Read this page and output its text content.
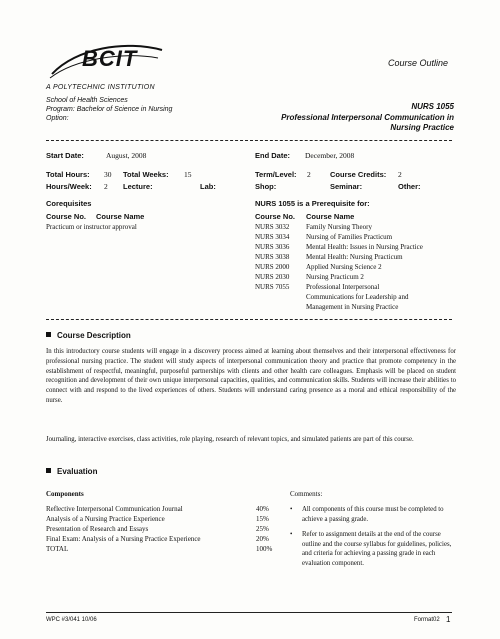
BCIT
A POLYTECHNIC INSTITUTION
Course Outline
School of Health Sciences
Program: Bachelor of Science in Nursing
Option:
NURS 1055
Professional Interpersonal Communication in
Nursing Practice
Start Date:	August, 2008	End Date: December, 2008
Total Hours: 30 Total Weeks: 15	Term/Level: 2	Course Credits: 2
Hours/Week: 2 Lecture:	Lab:	Shop:	Seminar:	Other:
Corequisites
Course No. Course Name
Practicum or instructor approval
NURS 1055 is a Prerequisite for:
Course No. Course Name
NURS 3032 Family Nursing Theory
NURS 3034 Nursing of Families Practicum
NURS 3036 Mental Health: Issues in Nursing Practice
NURS 3038 Mental Health: Nursing Practicum
NURS 2000 Applied Nursing Science 2
NURS 2030 Nursing Practicum 2
NURS 7055 Professional Interpersonal
Communications for Leadership and
Management in Nursing Practice
Course Description
In this introductory course students will engage in a discovery process aimed at learning about themselves and their interpersonal effectiveness for professional nursing practice. The student will study aspects of interpersonal communication theory and practice that promote competency in the establishment of respectful, meaningful, purposeful partnerships with clients and other health care colleagues. Emphasis will be placed on student recognition and development of their own unique interpersonal capacities, qualities, and communication skills. Students will increase their abilities to connect with and respond to the lived experiences of others. Students will understand caring presence as a moral and ethical responsibility of the nurse.
Journaling, interactive exercises, class activities, role playing, research of relevant topics, and simulated patients are part of this course.
Evaluation
Components	Comments:
Reflective Interpersonal Communication Journal	40%
Analysis of a Nursing Practice Experience	15%
Presentation of Research and Essays	25%
Final Exam: Analysis of a Nursing Practice Experience	20%
TOTAL	100%
• All components of this course must be completed to achieve a passing grade.
• Refer to assignment details at the end of the course outline and the course syllabus for guidelines, policies, and criteria for achieving a passing grade in each evaluation component.
WPC #3/041 10/06	Format02 1
